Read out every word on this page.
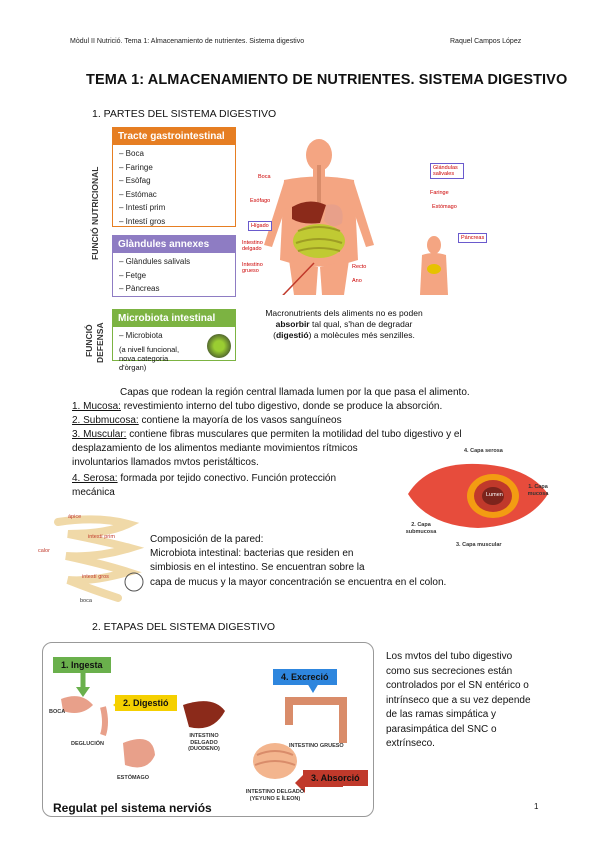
Mòdul II Nutrició. Tema 1: Almacenamiento de nutrientes. Sistema digestivo	Raquel Campos López
TEMA 1: ALMACENAMIENTO DE NUTRIENTES. SISTEMA DIGESTIVO
1. PARTES DEL SISTEMA DIGESTIVO
FUNCIÓ NUTRICIONAL
FUNCIÓ DEFENSA
Tracte gastrointestinal
– Boca
– Faringe
– Esòfag
– Estómac
– Intestí prim
– Intestí gros
Glàndules annexes
– Glàndules salivals
– Fetge
– Pàncreas
Microbiota intestinal
– Microbiota
(a nivell funcional, nova categoria d'òrgan)
Glándulas salivales
Boca
Faringe
Esófago
Estómago
Hígado
Intestino delgado
Páncreas
Intestino grueso
Recto
Ano
Macronutrients dels aliments no es poden absorbir tal qual, s'han de degradar (digestió) a molècules més senzilles.
Capas que rodean la región central llamada lumen por la que pasa el alimento.
1. Mucosa: revestimiento interno del tubo digestivo, donde se produce la absorción.
2. Submucosa: contiene la mayoría de los vasos sanguíneos
3. Muscular: contiene fibras musculares que permiten la motilidad del tubo digestivo y el
desplazamiento de los alimentos mediante movimientos rítmicos
involuntarios llamados mvtos peristálticos.
4. Serosa: formada por tejido conectivo. Función protección
mecánica
4. Capa serosa
Lumen
1. Capa mucosa
2. Capa submucosa
3. Capa muscular
ápice
intestí prim
calor
intestí gros
boca
Composición de la pared:
Microbiota intestinal: bacterias que residen en
simbiosis en el intestino. Se encuentran sobre la
capa de mucus y la mayor concentración se encuentra en el colon.
2. ETAPAS DEL SISTEMA DIGESTIVO
1. Ingesta
2. Digestió
3. Absorció
4. Excreció
BOCA
DEGLUCIÓN
ESTÓMAGO
INTESTINO DELGADO (DUODENO)	INTESTINO GRUESO
INTESTINO DELGADO (YEYUNO E ÍLEON)
Regulat pel sistema nerviós
Los mvtos del tubo digestivo como sus secreciones están controlados por el SN entérico o intrínseco que a su vez depende de las ramas simpática y parasimpática del SNC o extrínseco.
1
